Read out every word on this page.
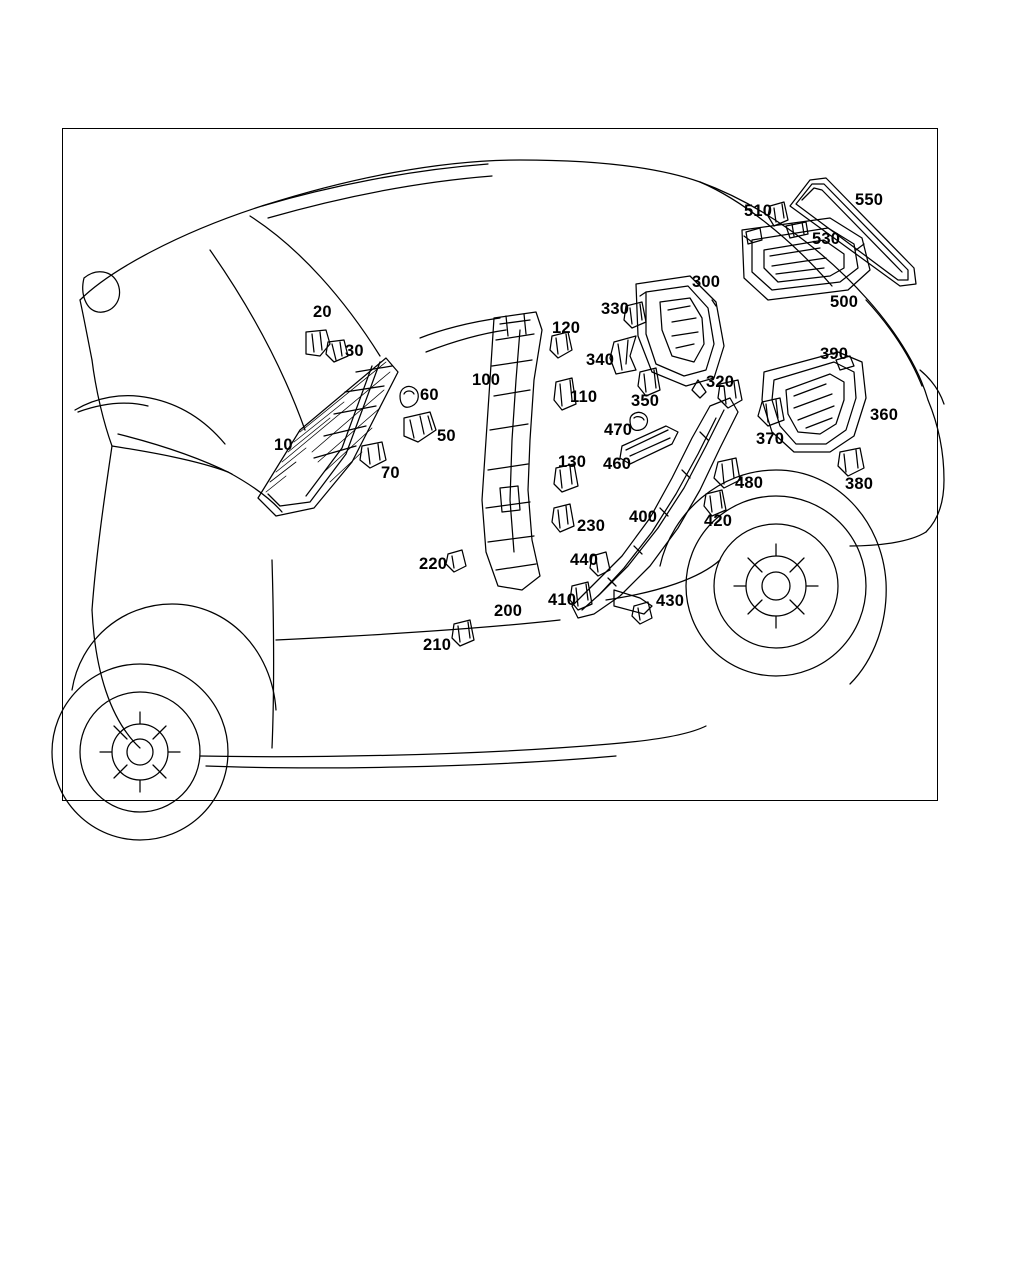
10
20
30
50
60
70
100
110
120
130
200
210
220
230
300
320
330
340
350
360
370
380
390
400
410
420
430
440
460
470
480
500
510
530
550
